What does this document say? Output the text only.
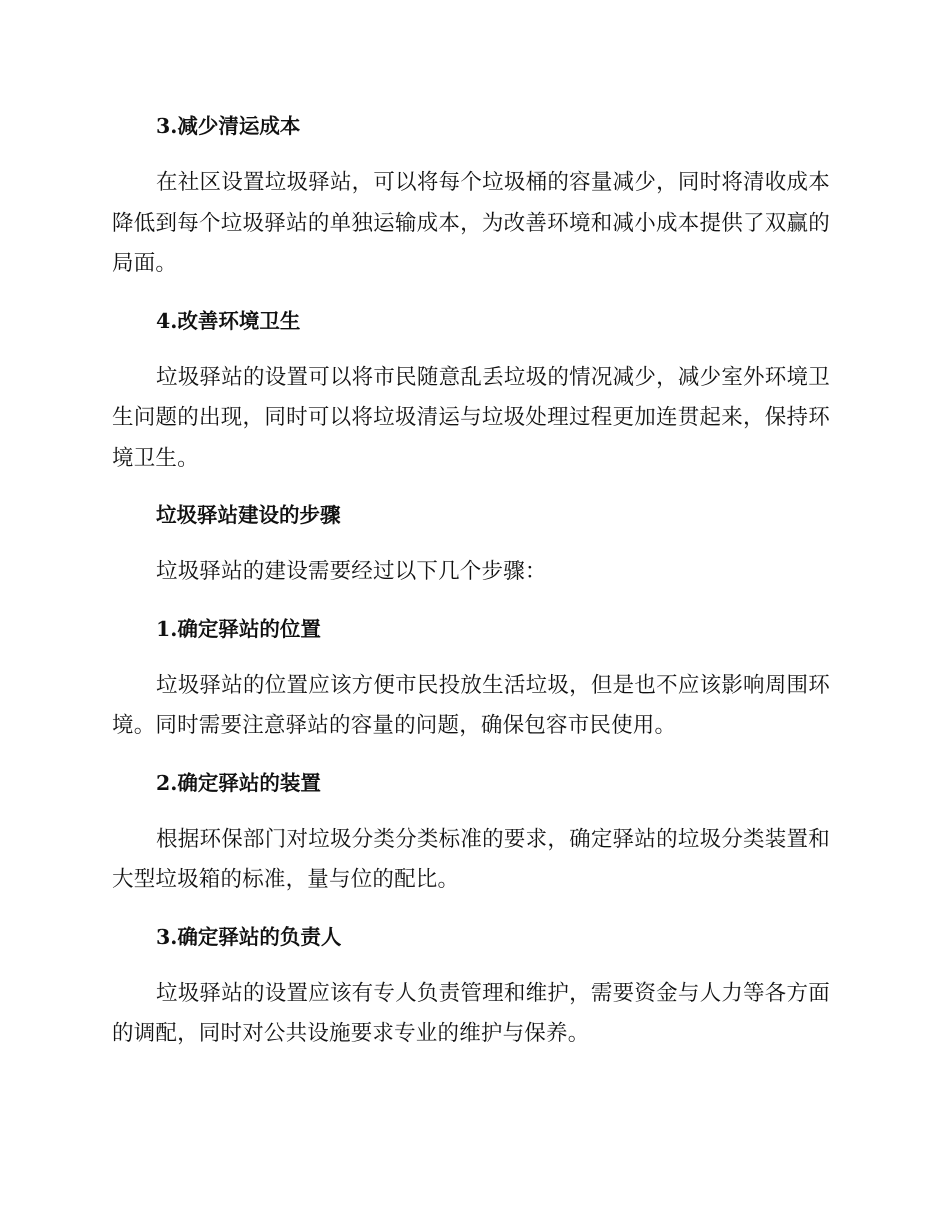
3.减少清运成本

在社区设置垃圾驿站，可以将每个垃圾桶的容量减少，同时将清收成本降低到每个垃圾驿站的单独运输成本，为改善环境和减小成本提供了双赢的局面。

4.改善环境卫生

垃圾驿站的设置可以将市民随意乱丢垃圾的情况减少，减少室外环境卫生问题的出现，同时可以将垃圾清运与垃圾处理过程更加连贯起来，保持环境卫生。

垃圾驿站建设的步骤

垃圾驿站的建设需要经过以下几个步骤：

1.确定驿站的位置

垃圾驿站的位置应该方便市民投放生活垃圾，但是也不应该影响周围环境。同时需要注意驿站的容量的问题，确保包容市民使用。

2.确定驿站的装置

根据环保部门对垃圾分类分类标准的要求，确定驿站的垃圾分类装置和大型垃圾箱的标准，量与位的配比。

3.确定驿站的负责人

垃圾驿站的设置应该有专人负责管理和维护，需要资金与人力等各方面的调配，同时对公共设施要求专业的维护与保养。
